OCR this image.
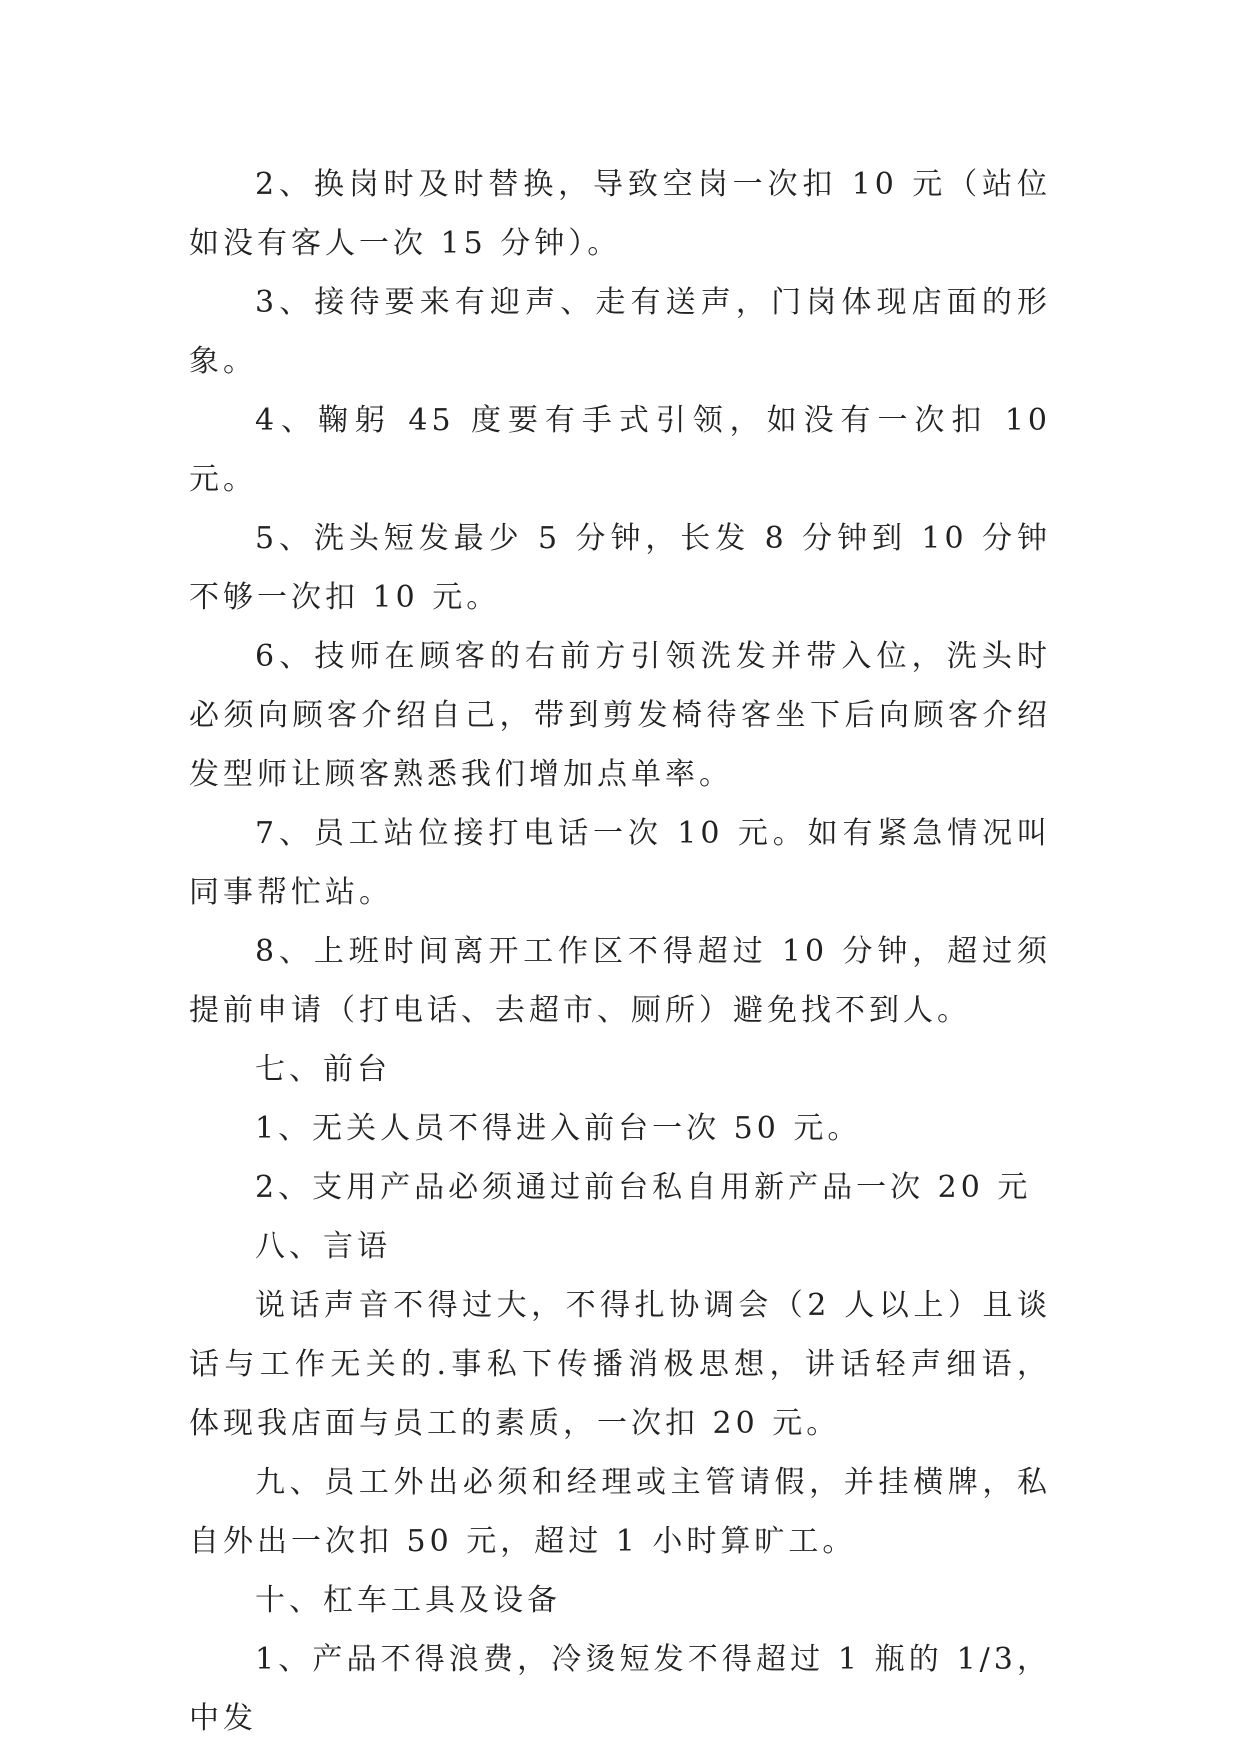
2、换岗时及时替换，导致空岗一次扣 10 元（站位如没有客人一次 15 分钟）。

3、接待要来有迎声、走有送声，门岗体现店面的形象。

4、鞠躬 45 度要有手式引领，如没有一次扣 10 元。

5、洗头短发最少 5 分钟，长发 8 分钟到 10 分钟不够一次扣 10 元。

6、技师在顾客的右前方引领洗发并带入位，洗头时必须向顾客介绍自己，带到剪发椅待客坐下后向顾客介绍发型师让顾客熟悉我们增加点单率。

7、员工站位接打电话一次 10 元。如有紧急情况叫同事帮忙站。

8、上班时间离开工作区不得超过 10 分钟，超过须提前申请（打电话、去超市、厕所）避免找不到人。

七、前台

1、无关人员不得进入前台一次 50 元。

2、支用产品必须通过前台私自用新产品一次 20 元

八、言语

说话声音不得过大，不得扎协调会（2 人以上）且谈话与工作无关的.事私下传播消极思想，讲话轻声细语，体现我店面与员工的素质，一次扣 20 元。

九、员工外出必须和经理或主管请假，并挂横牌，私自外出一次扣 50 元，超过 1 小时算旷工。

十、杠车工具及设备

1、产品不得浪费，冷烫短发不得超过 1 瓶的 1/3，中发
